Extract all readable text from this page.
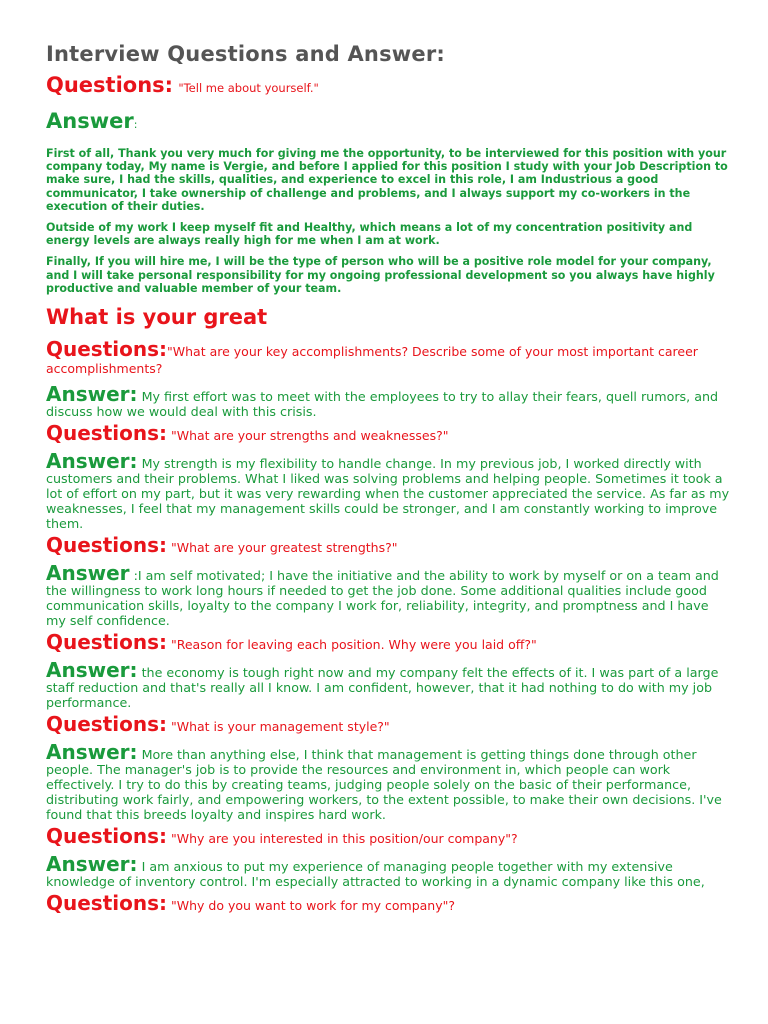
Interview Questions and Answer:

Questions: "Tell me about yourself."

Answer:

First of all, Thank you very much for giving me the opportunity, to be interviewed for this position with your company today, My name is Vergie, and before I applied for this position I study with your Job Description to make sure, I had the skills, qualities, and experience to excel in this role, I am Industrious a good communicator, I take ownership of challenge and problems, and I always support my co-workers in the execution of their duties.

Outside of my work I keep myself fit and Healthy, which means a lot of my concentration positivity and energy levels are always really high for me when I am at work.

Finally, If you will hire me, I will be the type of person who will be a positive role model for your company, and I will take personal responsibility for my ongoing professional development so you always have highly productive and valuable member of your team.

What is your great

Questions:"What are your key accomplishments? Describe some of your most important career accomplishments?

Answer: My first effort was to meet with the employees to try to allay their fears, quell rumors, and discuss how we would deal with this crisis.

Questions: "What are your strengths and weaknesses?"

Answer: My strength is my flexibility to handle change. In my previous job, I worked directly with customers and their problems. What I liked was solving problems and helping people. Sometimes it took a lot of effort on my part, but it was very rewarding when the customer appreciated the service. As far as my weaknesses, I feel that my management skills could be stronger, and I am constantly working to improve them.

Questions: "What are your greatest strengths?"

Answer :I am self motivated; I have the initiative and the ability to work by myself or on a team and the willingness to work long hours if needed to get the job done. Some additional qualities include good communication skills, loyalty to the company I work for, reliability, integrity, and promptness and I have my self confidence.

Questions: "Reason for leaving each position. Why were you laid off?"

Answer: the economy is tough right now and my company felt the effects of it. I was part of a large staff reduction and that's really all I know. I am confident, however, that it had nothing to do with my job performance.

Questions: "What is your management style?"

Answer: More than anything else, I think that management is getting things done through other people. The manager's job is to provide the resources and environment in, which people can work effectively. I try to do this by creating teams, judging people solely on the basic of their performance, distributing work fairly, and empowering workers, to the extent possible, to make their own decisions. I've found that this breeds loyalty and inspires hard work.

Questions: "Why are you interested in this position/our company"?

Answer: I am anxious to put my experience of managing people together with my extensive knowledge of inventory control. I'm especially attracted to working in a dynamic company like this one,

Questions: "Why do you want to work for my company"?
